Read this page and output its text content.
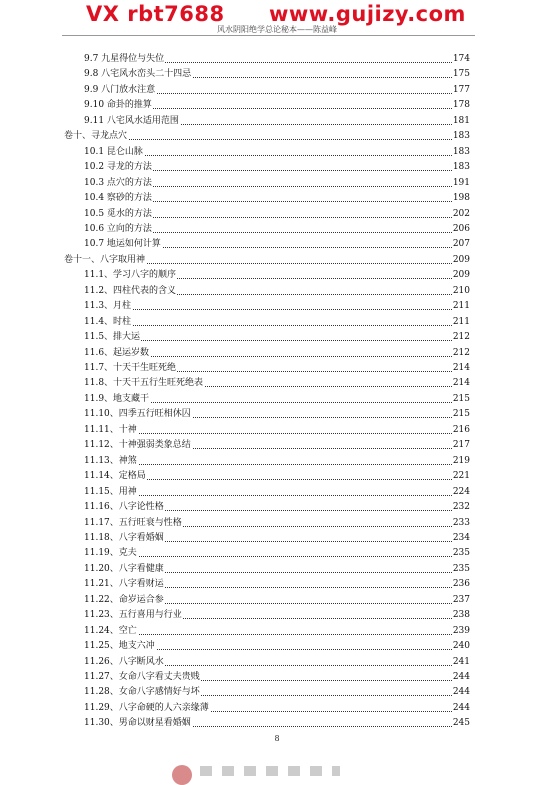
VX rbt7688 www.gujizy.com
风水阴阳绝学总论秘本——陈益峰
9.7 九星得位与失位	174
9.8 八宅风水峦头二十四忌	175
9.9 八门放水注意	177
9.10 命卦的推算	178
9.11 八宅风水适用范围	181
卷十、寻龙点穴	183
10.1 昆仑山脉	183
10.2 寻龙的方法	183
10.3 点穴的方法	191
10.4 察砂的方法	198
10.5 觅水的方法	202
10.6 立向的方法	206
10.7 地运如何计算	207
卷十一、八字取用神	209
11.1、学习八字的顺序	209
11.2、四柱代表的含义	210
11.3、月柱	211
11.4、时柱	211
11.5、排大运	212
11.6、起运岁数	212
11.7、十天干生旺死绝	214
11.8、十天干五行生旺死绝表	214
11.9、地支藏干	215
11.10、四季五行旺相休囚	215
11.11、十神	216
11.12、十神强弱类象总结	217
11.13、神煞	219
11.14、定格局	221
11.15、用神	224
11.16、八字论性格	232
11.17、五行旺衰与性格	233
11.18、八字看婚姻	234
11.19、克夫	235
11.20、八字看健康	235
11.21、八字看财运	236
11.22、命岁运合参	237
11.23、五行喜用与行业	238
11.24、空亡	239
11.25、地支六冲	240
11.26、八字断风水	241
11.27、女命八字看丈夫贵贱	244
11.28、女命八字感情好与坏	244
11.29、八字命硬的人六亲缘薄	244
11.30、男命以财星看婚姻	245
8
